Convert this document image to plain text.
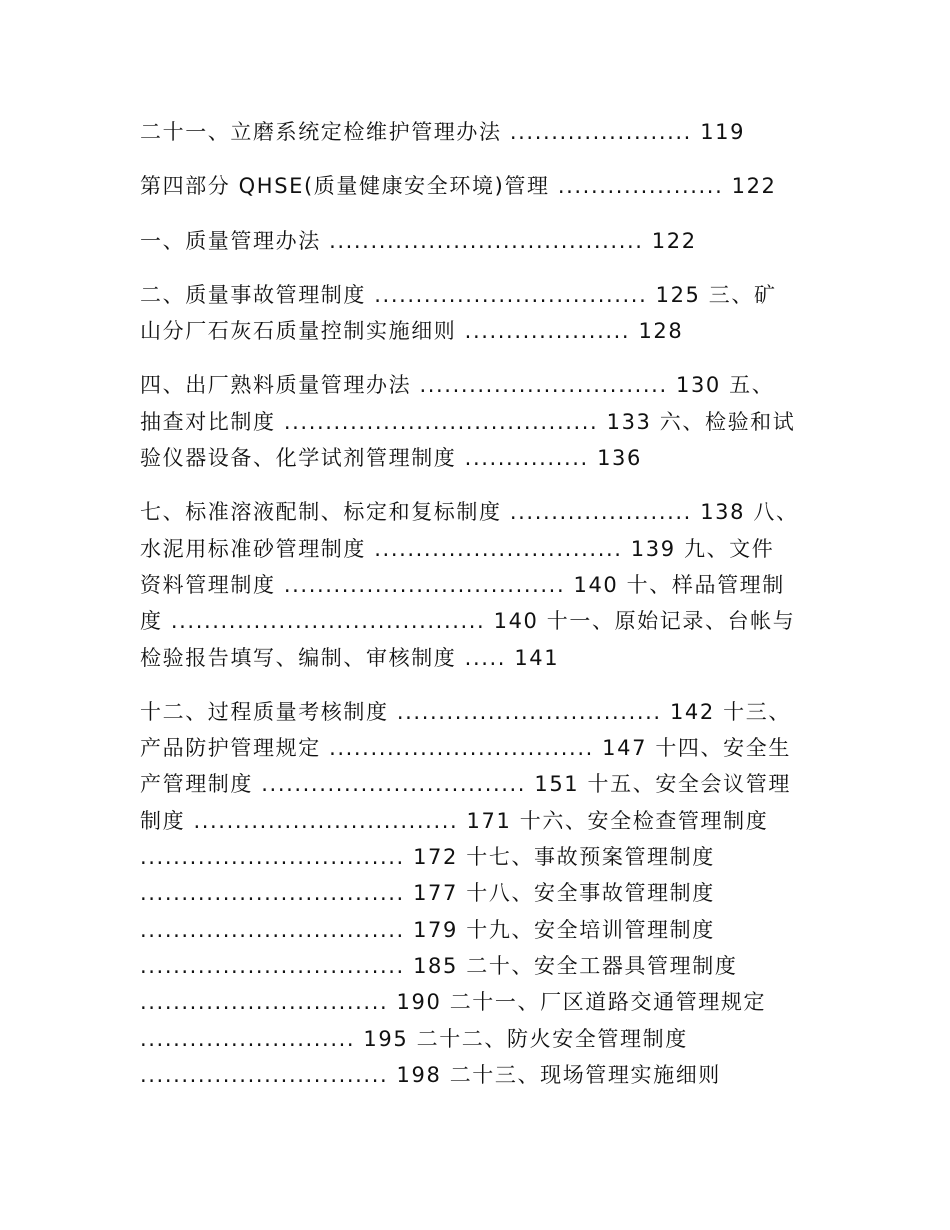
二十一、立磨系统定检维护管理办法 ...................... 119
第四部分 QHSE(质量健康安全环境)管理 .................... 122
一、质量管理办法 ...................................... 122
二、质量事故管理制度 ................................. 125 三、矿
山分厂石灰石质量控制实施细则 .................... 128
四、出厂熟料质量管理办法 .............................. 130 五、
抽查对比制度 ...................................... 133 六、检验和试
验仪器设备、化学试剂管理制度 ............... 136
七、标准溶液配制、标定和复标制度 ...................... 138 八、
水泥用标准砂管理制度 .............................. 139 九、文件
资料管理制度 .................................. 140 十、样品管理制
度 ...................................... 140 十一、原始记录、台帐与
检验报告填写、编制、审核制度 ..... 141
十二、过程质量考核制度 ................................ 142 十三、
产品防护管理规定 ................................ 147 十四、安全生
产管理制度 ................................ 151 十五、安全会议管理
制度 ................................ 171 十六、安全检查管理制度
................................ 172 十七、事故预案管理制度
................................ 177 十八、安全事故管理制度
................................ 179 十九、安全培训管理制度
................................ 185 二十、安全工器具管理制度
.............................. 190 二十一、厂区道路交通管理规定
.......................... 195 二十二、防火安全管理制度
.............................. 198 二十三、现场管理实施细则
